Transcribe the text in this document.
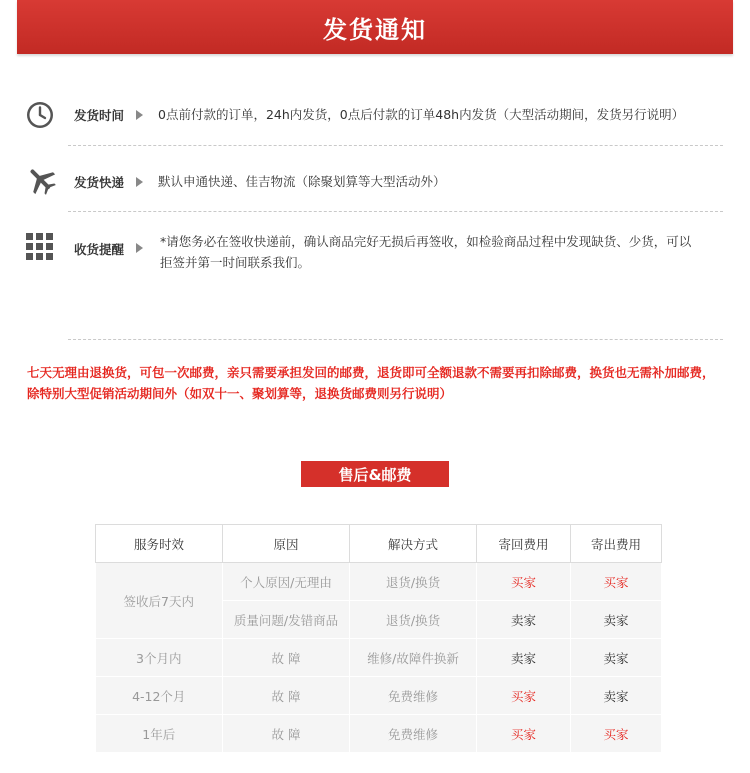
发货通知
发货时间	0点前付款的订单，24h内发货，0点后付款的订单48h内发货（大型活动期间，发货另行说明）
发货快递	默认申通快递、佳吉物流（除聚划算等大型活动外）
收货提醒
*请您务必在签收快递前，确认商品完好无损后再签收，如检验商品过程中发现缺货、少货，可以
拒签并第一时间联系我们。
七天无理由退换货，可包一次邮费，亲只需要承担发回的邮费，退货即可全额退款不需要再扣除邮费，换货也无需补加邮费，
除特别大型促销活动期间外（如双十一、聚划算等，退换货邮费则另行说明）
售后&邮费
服务时效	原因	解决方式	寄回费用	寄出费用
签收后7天内	个人原因/无理由	退货/换货	买家	买家
	质量问题/发错商品	退货/换货	卖家	卖家
3个月内	故 障	维修/故障件换新	卖家	卖家
4-12个月	故 障	免费维修	买家	卖家
1年后	故 障	免费维修	买家	买家
